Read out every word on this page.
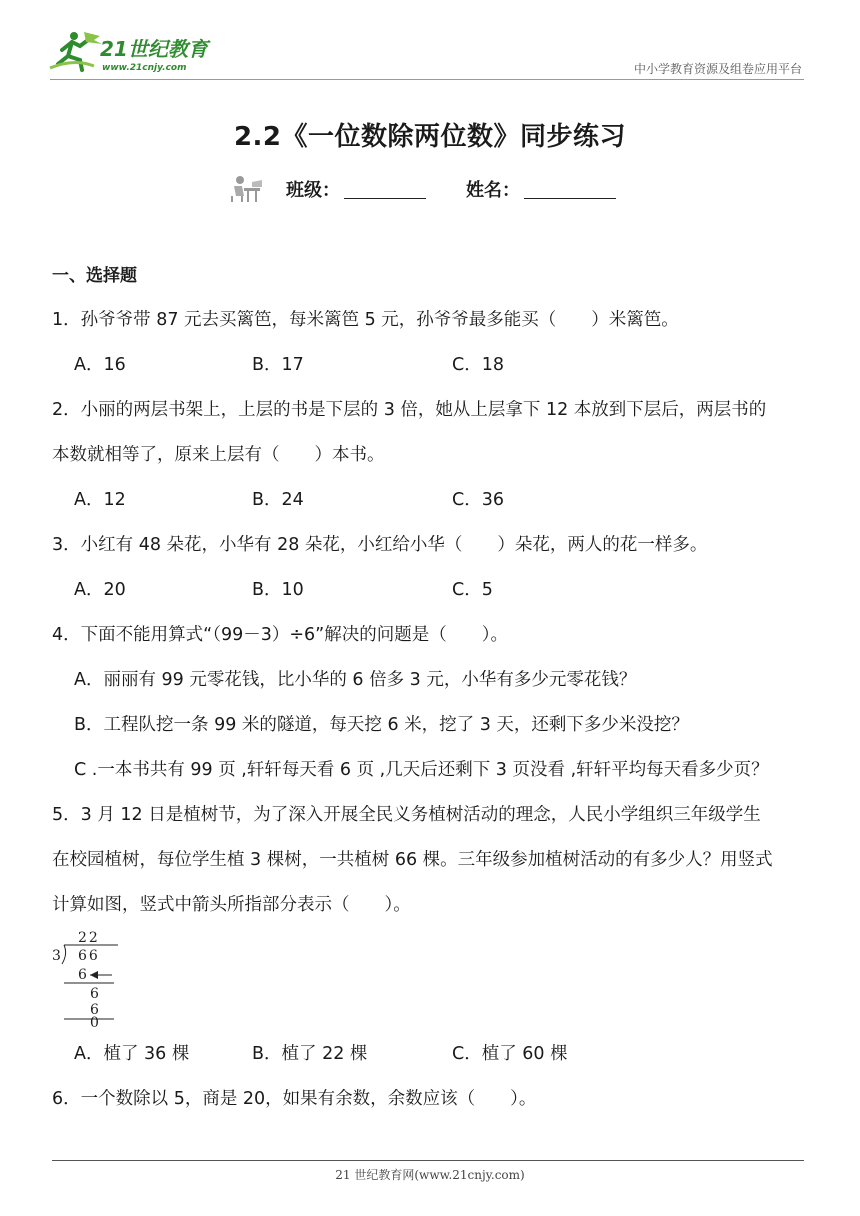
21世纪教育
www.21cnjy.com	中小学教育资源及组卷应用平台
2.2《一位数除两位数》同步练习
班级：	姓名：
一、选择题
1．孙爷爷带 87 元去买篱笆，每米篱笆 5 元，孙爷爷最多能买（　　）米篱笆。
A．16	B．17	C．18
2．小丽的两层书架上，上层的书是下层的 3 倍，她从上层拿下 12 本放到下层后，两层书的
本数就相等了，原来上层有（　　）本书。
A．12	B．24	C．36
3．小红有 48 朵花，小华有 28 朵花，小红给小华（　　）朵花，两人的花一样多。
A．20	B．10	C．5
4．下面不能用算式“（99－3）÷6”解决的问题是（　　）。
A．丽丽有 99 元零花钱，比小华的 6 倍多 3 元，小华有多少元零花钱？
B．工程队挖一条 99 米的隧道，每天挖 6 米，挖了 3 天，还剩下多少米没挖？
C .一本书共有 99 页 ,轩轩每天看 6 页 ,几天后还剩下 3 页没看 ,轩轩平均每天看多少页？
5．3 月 12 日是植树节，为了深入开展全民义务植树活动的理念，人民小学组织三年级学生
在校园植树，每位学生植 3 棵树，一共植树 66 棵。三年级参加植树活动的有多少人？用竖式
计算如图，竖式中箭头所指部分表示（　　）。
22
3 66
6
6
6
0
A．植了 36 棵	B．植了 22 棵	C．植了 60 棵
6．一个数除以 5，商是 20，如果有余数，余数应该（　　）。
21 世纪教育网(www.21cnjy.com)
